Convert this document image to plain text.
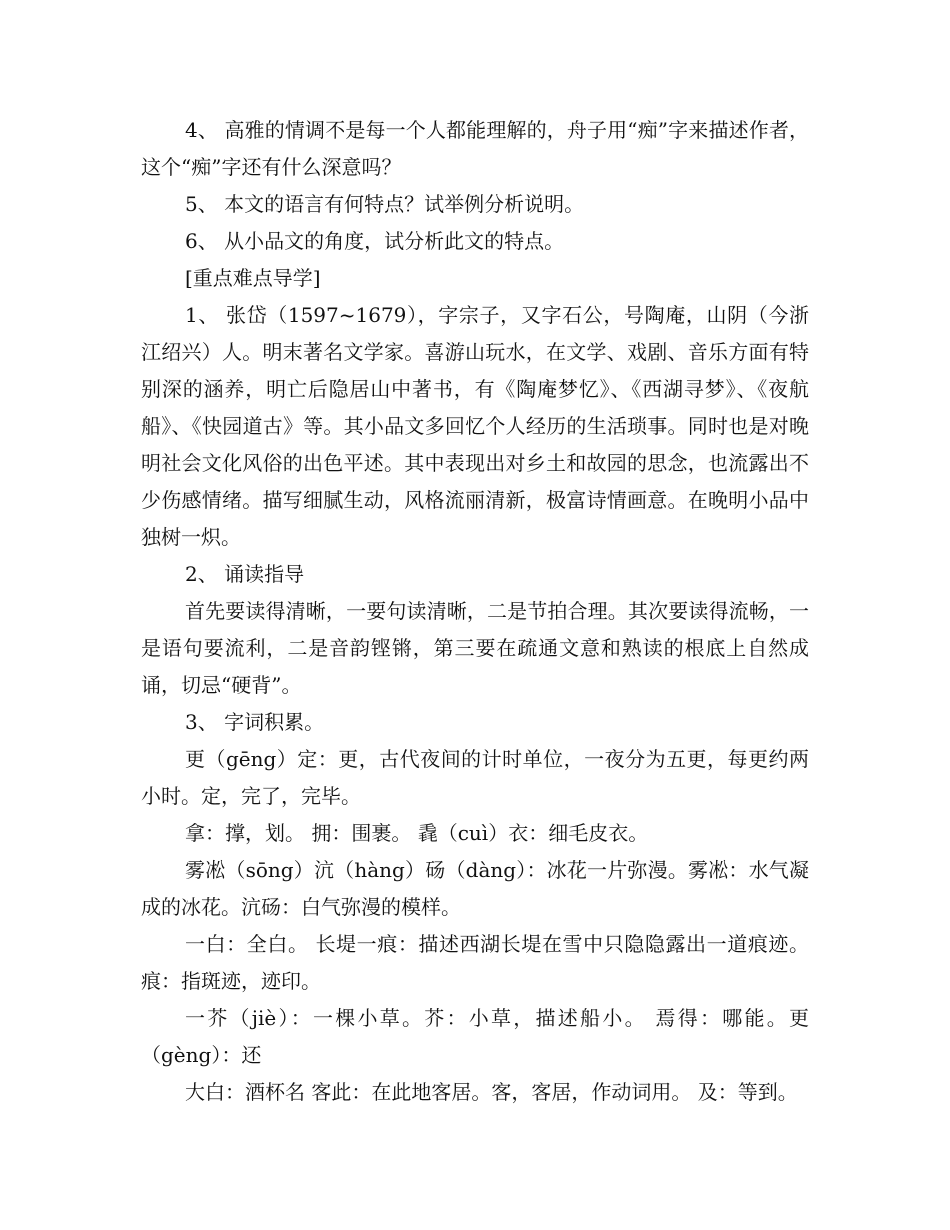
4、 高雅的情调不是每一个人都能理解的，舟子用“痴”字来描述作者，这个“痴”字还有什么深意吗？

5、 本文的语言有何特点？试举例分析说明。

6、 从小品文的角度，试分析此文的特点。

[重点难点导学]

1、 张岱（1597~1679），字宗子，又字石公，号陶庵，山阴（今浙江绍兴）人。明末著名文学家。喜游山玩水，在文学、戏剧、音乐方面有特别深的涵养，明亡后隐居山中著书，有《陶庵梦忆》、《西湖寻梦》、《夜航船》、《快园道古》等。其小品文多回忆个人经历的生活琐事。同时也是对晚明社会文化风俗的出色平述。其中表现出对乡土和故园的思念，也流露出不少伤感情绪。描写细腻生动，风格流丽清新，极富诗情画意。在晚明小品中独树一炽。

2、 诵读指导

首先要读得清晰，一要句读清晰，二是节拍合理。其次要读得流畅，一是语句要流利，二是音韵铿锵，第三要在疏通文意和熟读的根底上自然成诵，切忌“硬背”。

3、 字词积累。

更（gēng）定：更，古代夜间的计时单位，一夜分为五更，每更约两小时。定，完了，完毕。

拿：撑，划。 拥：围裹。 毳（cuì）衣：细毛皮衣。

雾凇（sōng）沆（hàng）砀（dàng）：冰花一片弥漫。雾凇：水气凝成的冰花。沆砀：白气弥漫的模样。

一白：全白。 长堤一痕：描述西湖长堤在雪中只隐隐露出一道痕迹。痕：指斑迹，迹印。

一芥（jiè）：一棵小草。芥：小草，描述船小。 焉得：哪能。更（gèng）：还

大白：酒杯名 客此：在此地客居。客，客居，作动词用。 及：等到。
